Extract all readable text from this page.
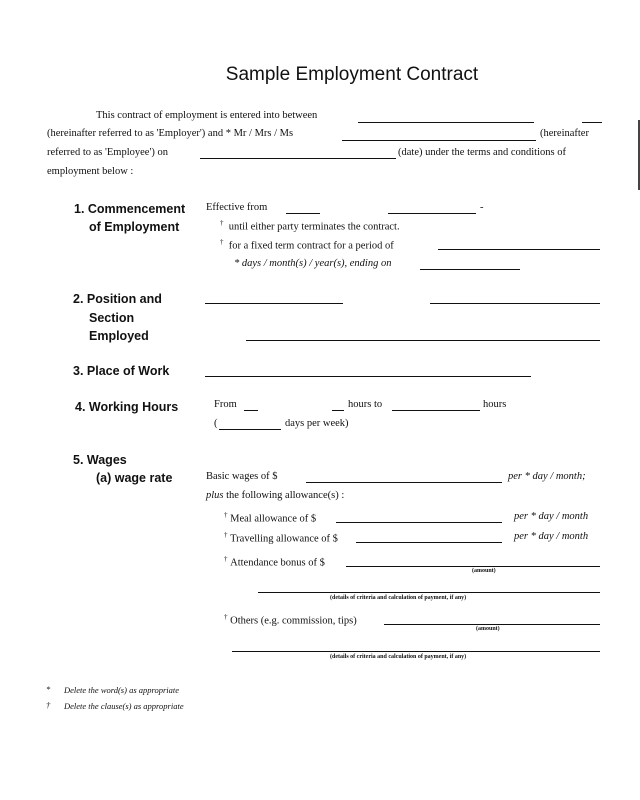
Sample Employment Contract
This contract of employment is entered into between
(hereinafter referred to as 'Employer') and * Mr / Mrs / Ms	(hereinafter
referred to as 'Employee') on	(date) under the terms and conditions of
employment below :
1. Commencement
of Employment
Effective from	-
† until either party terminates the contract.
† for a fixed term contract for a period of
* days / month(s) / year(s), ending on
2. Position and
Section
Employed
3. Place of Work
4. Working Hours	From	hours to	hours
(	days per week)
5. Wages
(a) wage rate	Basic wages of $	per * day / month;
plus the following allowance(s) :
† Meal allowance of $	per * day / month
† Travelling allowance of $	per * day / month
† Attendance bonus of $
(amount)
(details of criteria and calculation of payment, if any)
† Others (e.g. commission, tips)
(amount)
(details of criteria and calculation of payment, if any)
* Delete the word(s) as appropriate
† Delete the clause(s) as appropriate
